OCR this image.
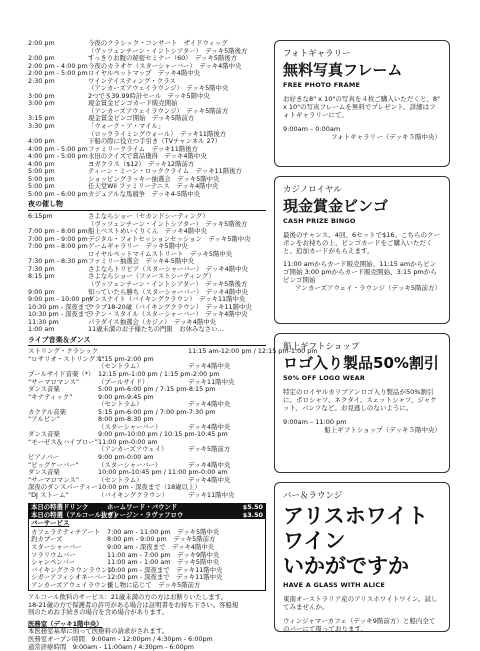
2:00 pm	今夜のクラシック・コンサート　ザイドウィッグ
（ヴッツェンチーン・イントシアター）　デッキ5階後方
2:00 pm	すっきりお腹の秘密セミナー（60）　デッキ5階後方
2:00 pm - 4:00 pm 今夜のカラオケ（スターシャーバー）　デッキ4階中央
2:00 pm - 5:00 pm ロイヤルペットマップ　デッキ4階中央
2:30 pm	ワインテイスティング・クラス
（アンカーズアウェイラウンジ）　デッキ5階中央
3:00 pm	2つで＄39.99時計セール　デッキ5階中央
3:00 pm	現金賞金ビンゴカード販売開始
（アンカーズアウェイラウンジ）　デッキ5階前方
3:15 pm	現金賞金ビンゴ開始　デッキ5階前方
3:30 pm	「ウォーク・ア・マイル」
（ロックライミングウォール）　デッキ11階後方
4:00 pm	下船の際に役立つ手引き（TVチャンネル 27）
4:00 pm - 5:00 pm ファミリークライム　デッキ11階後方
4:00 pm - 5:00 pm 水田のクイズで賞品獲得　デッキ4階中央
4:00 pm	ヨガクラス（$12）　デッキ12階前方
5:00 pm	ティーン・ミーン・ロッククライム　デッキ11階後方
5:00 pm	ショッピングラッキー抽選会　デッキ5階中央
5:00 pm	任天堂Wii ファミリーテニス　デッキ4階中央
5:00 pm - 6:00 pm カジュアルな馬競争　デッキ4-5階中央
夜の催し物
6:15pm	さよならショー（セカンドシーティング）
（ヴッツェンチーン・イントシアター）　デッキ5階後方
7:00 pm - 8:00 pm 船上ベストめいくりくん　デッキ4階中央
7:00 pm - 9:00 pm デジタル・フォトセッションセッション　デッキ5階中央
7:00 pm - 8:00 pm ゲームギャラリー　デッキ5階中央
ロイヤルペットマイムストリート　デッキ5階中央
7:30 pm - 8:30 pm ファミリー抽選会　デッキ4-5階中央
7:30 pm	さよならトリビア（スターシャーバー）　デッキ4階中央
8:15 pm	さよならショー（ファーストシーティング）
（ヴッツェンチーン・イントシアター）　デッキ5階後方
9:00 pm	知っていたら勝ち（スターシャーバー）　デッキ4階中央
9:00 pm - 10:00 pm
ダンスナイト（バイキングクラウン）　デッキ11階中央
10:30 pm - 深夜まで
クラブ18-20歳（バイキングクラウン）　デッキ11階中央
10:30 pm - 深夜まで
ラテン・スタイル（スターシャーバー）　デッキ4階中央
11:30 pm	パラダイス抽選会（カジノ）　デッキ4階中央
1:00 am	11歳未満のお子様たちの門限　お休みなさい…
ライブ音楽＆ダンス
ストリング・クラシック	11:15 am-12:00 pm / 12:15 pm-1:00 pm
“ロサリオ・ストリングス”
1:15 pm-2:00 pm
（セントラム）	デッキ4階中央
プールサイド音楽（*） 12:15 pm-1:00 pm / 1:15 pm-2:00 pm
“サーマロマンス”	（プールサイド）	デッキ11階中央
ダンス音楽	5:00 pm-6:00 pm / 7:15 pm-8:15 pm
“キナティック”	9:00 pm-9:45 pm
（セントラム）	デッキ4階中央
カクテル音楽	5:15 pm-6:00 pm / 7:00 pm-7:30 pm
“アルビン”	8:00 pm-8:30 pm
（スターシャーバー）	デッキ4階中央
ダンス音楽	9:00 pm-10:00 pm / 10:15 pm-10:45 pm
“モーゼス＆ハイブロー” 11:00 pm-0:00 am
（アンカーズアウェイ）	デッキ5階前方
ピアノバー	9:00 pm-0:00 am
“ビッグケーバー”	（スターシャーバー）	デッキ4階中央
ダンス音楽	10:00 pm-10:45 pm / 11:00 pm-0:00 am
“サーマロマンス”	（セントラム）	デッキ4階中央
深夜のダンスパーティー 10:00 pm - 深夜まで（18歳以上）
“DJ ストーム”	（バイキングクラウン）	デッキ11階中央
本日の特選ドリンク	ホームワード・バウンド	$5.50
本日の特選（アルコール抜き）
ヴァージン・ラヴァフロウ	$3.50
バーサービス
カフェラテティチアート	7:00 am - 11:00 pm　デッキ5階中央
釣カブーズ	8:00 pm - 9:00 pm　デッキ5階前方
スターシャーバー	9:00 am - 深夜まで　デッキ4階中央
ソラリウムバー	11:00 am - 7:00 pm　デッキ9階中央
シャンペンバー	11:00 am - 1:00 am　デッキ5階中央
バイキングクラウンラウンジ
10:00 pm - 深夜まで　デッキ11階中央
シガーアフィシオネーバー 12:00 pm - 深夜まで　デッキ11階中央
アンカーズアウェイラウンジ
後し物に応じて　デッキ5階前方
アルコール飲料のサービス：21歳未満の方の方はお断りいたします。
18-21歳の方で保護者の許可がある場合は証明書をお持ち下さい。客船規
則のためお手続きの場合を含め場合があります。
医務室（デッキ1階中央）
本医務室基準に則って医療料の請求がされます。
医務室オープン時間　9:00am - 12:00pm / 4:30pm - 6:00pm
通常診療時間　9:00am - 11:00am / 4:30pm - 6:00pm
フォトギャラリー
無料写真フレーム
FREE PHOTO FRAME
お好きな8" x 10"の写真を４枚ご購入いただくと、8" x 10"の写真フレームを無料でプレゼント。詳細はフォトギャラリーにて。
9:00am – 0:00am
フォトギャラリー（デッキ５階中央）
カジノロイヤル
現金賞金ビンゴ
CASH PRIZE BINGO
最後のチャンス。4回、6セットで$16。こちらのクーポンをお持ちの上、ビンゴカードをご購入いただくと、追加カードがもらえます。
11:00 amからカード販売開始、11:15 amからビンゴ開始 3:00 pmからカード販売開始、3:15 pmからビンゴ開始
アンカーズアウェイ・ラウンジ（デッキ5階前方）
船上ギフトショップ
ロゴ入り製品50%割引
50% OFF LOGO WEAR
特定のロイヤルカリブアンロゴ入り製品が50%割引に。ポロシャツ、ネクタイ、スェットシャツ、ジャケット、パンツなど。お見逃しのないように。
9:00am – 11:00 pm
船上ギフトショップ（デッキ５階中央）
バー＆ラウンジ
アリスホワイトワイン
いかがですか
HAVE A GLASS WITH ALICE
東南オーストラリア産のアリスホワイトワイン。試してみませんか。
ウィンジャマーカフェ（デッキ9階前方）と船内全てのバーにて扱っております。
